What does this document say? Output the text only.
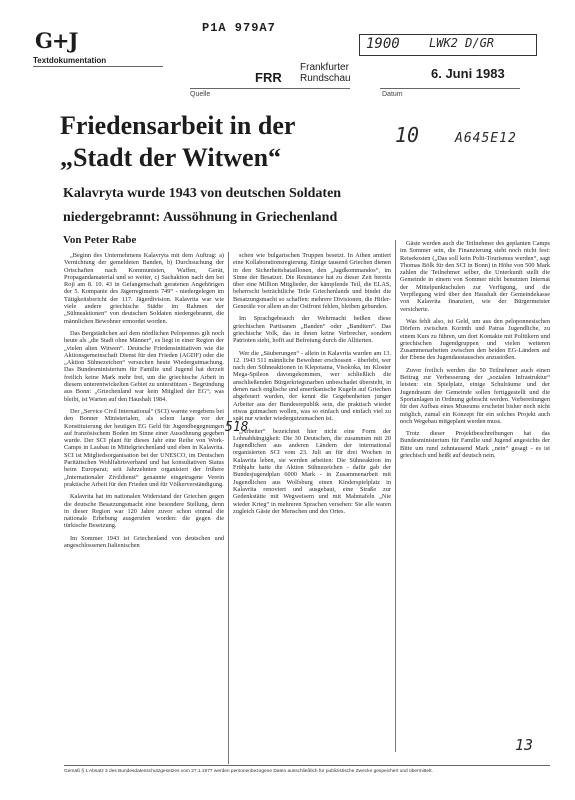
G+J
Textdokumentation
P1A 979A7
1900 LWK2 D/GR
FRR
Frankfurter
Rundschau	6. Juni 1983
Quelle	Datum
10	A645E12
Friedensarbeit in der
„Stadt der Witwen“
Kalavryta wurde 1943 von deutschen Soldaten
niedergebrannt: Aussöhnung in Griechenland
Von Peter Rabe

„Beginn des Unternehmens Kalavryta mit dem Auftrag: a) Vernichtung der gemeldeten Banden, b) Durchsuchung der Ortschaften nach Kommunisten, Waffen, Gerät, Propagandamaterial und so weiter, c) Sachaktion nach den bei Roji am 8. 10. 43 in Gefangenschaft geratenen Angehörigen der 5. Kompanie des Jägerregiments 749“ - niedergelegen im Tätigkeitsbericht der 117. Jägerdivision. Kalavrita war wie viele andere griechische Städte im Rahmen der „Sühneaktionen“ von deutschen Soldaten niedergebrannt, die männlichen Bewohner ermordet worden.

Das Bergstädtchen auf dem nördlichen Peloponnes gilt noch heute als „die Stadt ohne Männer“, es liegt in einer Region der „vielen alten Witwen“. Deutsche Friedensinitiativen wie die Aktionsgemeinschaft Dienst für den Frieden (AGDF) oder die „Aktion Sühnezeichen“ versuchen heute Wiedergutmachung. Das Bundesministerium für Familie und Jugend hat derzeit freilich keine Mark mehr frei, um die griechische Arbeit in diesem unterentwickelten Gebiet zu unterstützen - Begründung aus Bonn: „Griechenland war kein Mitglied der EG“; was bleibt, ist Warten auf den Haushalt 1984.

Der „Service Civil International“ (SCI) warnte vergebens bei den Bonner Ministerialen, als schon lange vor der Konstituierung der heutigen EG Geld für Jugendbegegnungen auf französischem Boden im Sinne einer Aussöhnung gegeben wurde. Der SCI plant für dieses Jahr eine Reihe von Work-Camps in Laubau in Mittelgriechenland und eben in Kalavrita. SCI ist Mitgliedsorganisation bei der UNESCO, im Deutschen Paritätischen Wohlfahrtsverband und hat konsultativen Status beim Europarat; seit Jahrzehnten organisiert der frühere „Internationaler Zivildienst“ genannte eingetragene Verein praktische Arbeit für den Frieden und für Völkerverständigung.

Kalavrita hat im nationalen Widerstand der Griechen gegen die deutsche Besatzungsmacht eine besondere Stellung, denn in dieser Region war 120 Jahre zuvor schon einmal die nationale Erhebung ausgerufen worden: die gegen die türkische Besetzung.

Im Sommer 1943 ist Griechenland von deutschen und angeschlossenen Italienischen

schen wie bulgarischen Truppen besetzt. In Athen amtiert eine Kollaborationsregierung. Einige tausend Griechen dienen in den Sicherheitsbataillonen, den „Jagdkommandos“, im Sinne der Besatzer. Die Resistance hat zu dieser Zeit bereits über eine Million Mitglieder, der kämpfende Teil, die ELAS, beherrscht beträchtliche Teile Griechenlands und bindet die Besatzungsmacht so schaffen: mehrere Divisionen, die Hitler-Generäle vor allem an der Ostfront fehlen, bleiben gebunden.

Im Sprachgebrauch der Wehrmacht heißen diese griechischen Partisanen „Banden“ oder „Banditen“. Das griechische Volk, das in ihnen keine Verbrecher, sondern Patrioten sieht, hofft auf Befreiung durch die Alliierten.

Wer die „Säuberungen“ - allein in Kalavrita wurden am 13. 12. 1943 511 männliche Bewohner erschossen - überlebt, wer nach den Sühneaktionen in Klepotama, Visokoka, im Kloster Mega-Spileon davongekommen, wer schließlich die anschließenden Bürgerkriegsnarben unbeschadet übersteht, in denen nach englische und amerikanische Kugeln auf Griechen abgefeuert wurden, der kennt die Gegebenheiten junger Arbeiter aus der Bundesrepublik sein, die praktisch wieder etwas gutmachen wollen, was so einfach und einfach viel zu spät nur wieder wiedergutzumachen ist.

„Arbeiter“ bezeichnet hier nicht eine Form der Lohnabhängigkeit: Die 30 Deutschen, die zusammen mit 20 Jugendlichen aus anderen Ländern der international organisierten SCI vom 23. Juli an für drei Wochen in Kalavrita leben, sie werden arbeiten: Die Sühneaktion im Frühjahr hatte die Aktion Sühnezeichen - dafür gab der Bundesjugendplan 6000 Mark - in Zusammenarbeit mit Jugendlichen aus Wolfsburg einen Kinderspielplatz in Kalavrita renoviert und ausgebaut, eine Straße zur Gedenkstätte mit Wegweisern und mit Mahntafeln „Nie wieder Krieg“ in mehreren Sprachen versehen: Sie alle waren zugleich Gäste der Menschen und des Ortes.

Gäste werden auch die Teilnehmer des geplanten Camps im Sommer sein, die Finanzierung steht noch nicht fest: Reisekosten („Das soll kein Polit-Tourismus werden“, sagt Thomas Bölk für den SCI in Bonn) in Höhe von 500 Mark zahlen die Teilnehmer selber, die Unterkunft stellt die Gemeinde in einem von Sommer nicht benutzten Internat der Mittelpunktschulen zur Verfügung, und die Verpflegung wird über den Haushalt der Gemeindekasse von Kalavrita finanziert, wie der Bürgermeister versicherte.

Was fehlt also, ist Geld, um aus den peloponnesischen Dörfern zwischen Korinth und Patras Jugendliche, zu einem Kurs zu führen, um dort Kontakte mit Politikern und griechischen Jugendgruppen und vielen weiteren Zusammenarbeiten zwischen den beiden EG-Ländern auf der Ebene des Jugendaustausches anzustoßen.

Zuvor freilich werden die 50 Teilnehmer auch einen Beitrag zur Verbesserung der „sozialen Infrastruktur“ leisten: ein Spielplatz, einige Schulräume und der Jugendraum der Gemeinde sollen fertiggestellt und die Sportanlagen in Ordnung gebracht werden. Vorbereitungen für den Aufbau eines Museums erscheint bisher noch nicht möglich, zumal ein Konzept für ein solches Projekt auch noch Wegebau mitgeplant werden muss.

Trotz dieser Projektbeschreibungen hat das Bundesministerium für Familie und Jugend angesichts der Bitte um rund zehntausend Mark „nein“ gesagt - es ist griechisch und heißt auf deutsch nein.

518
13
Gemäß § 1 Absatz 3 des Bundesdatenschutzgesetzes vom 27.1.1977 werden personenbezogene Daten ausschließlich für publizistische Zwecke gespeichert und übermittelt.
